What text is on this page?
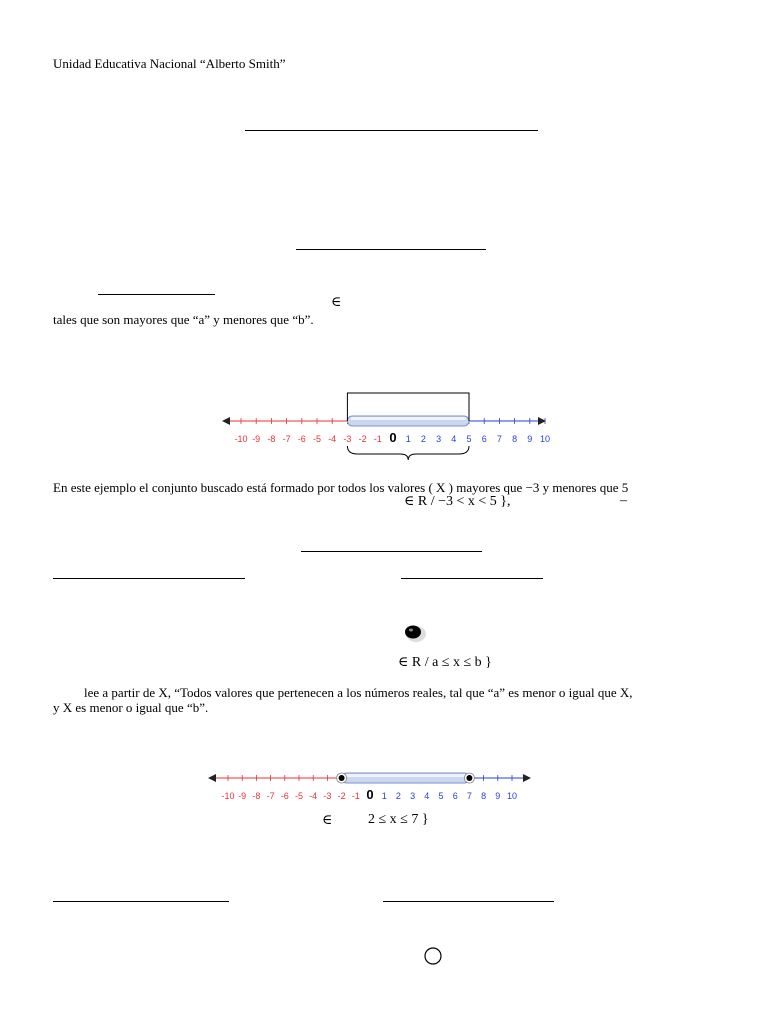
Unidad Educativa Nacional “Alberto Smith”
∈
tales que son mayores que “a” y menores que “b”.
-10 -9 -8 -7 -6 -5 -4 -3 -2 -1 0 1 2 3 4 5 6 7 8 9 10
En este ejemplo el conjunto buscado está formado por todos los valores ( X ) mayores que −3 y menores que 5
∈ R / −3 < x < 5 },	–
∈ R / a ≤ x ≤ b }
lee a partir de X, “Todos valores que pertenecen a los números reales, tal que “a” es menor o igual que X,
y X es menor o igual que “b”.
-10 -9 -8 -7 -6 -5 -4 -3 -2 -1 0 1 2 3 4 5 6 7 8 9 10
∈	2 ≤ x ≤ 7 }
